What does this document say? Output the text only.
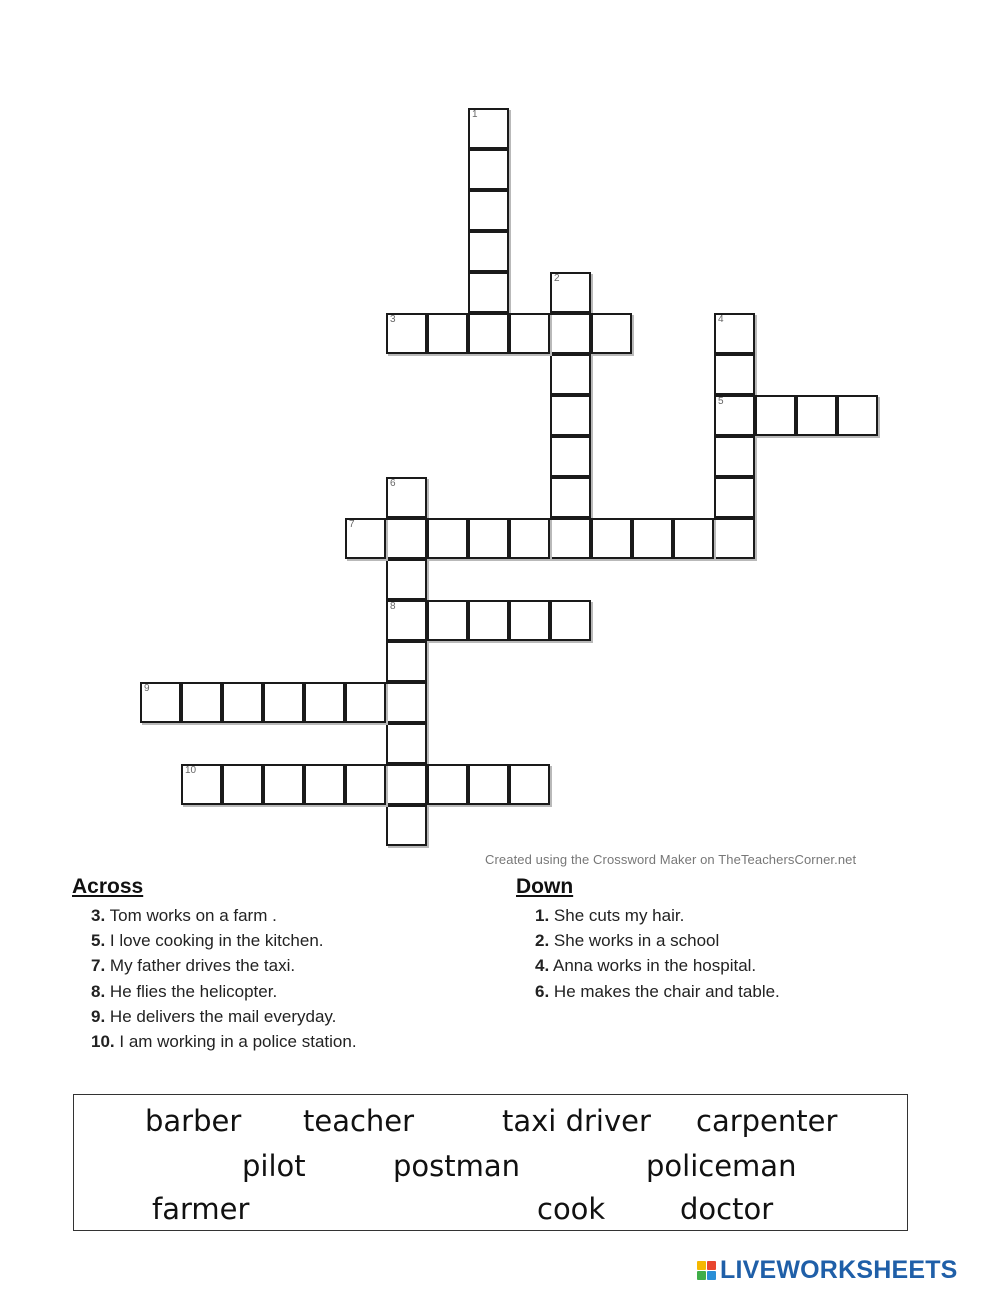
1
2
3	4
5
6
8
7
9
10
Created using the Crossword Maker on TheTeachersCorner.net
Across
3. Tom works on a farm .
5. I love cooking in the kitchen.
7. My father drives the taxi.
8. He flies the helicopter.
9. He delivers the mail everyday.
10. I am working in a police station.
Down
1. She cuts my hair.
2. She works in a school
4. Anna works in the hospital.
6. He makes the chair and table.
barber teacher	taxi driver carpenter
pilot	postman	policeman
farmer	cook	doctor
LIVEWORKSHEETS
